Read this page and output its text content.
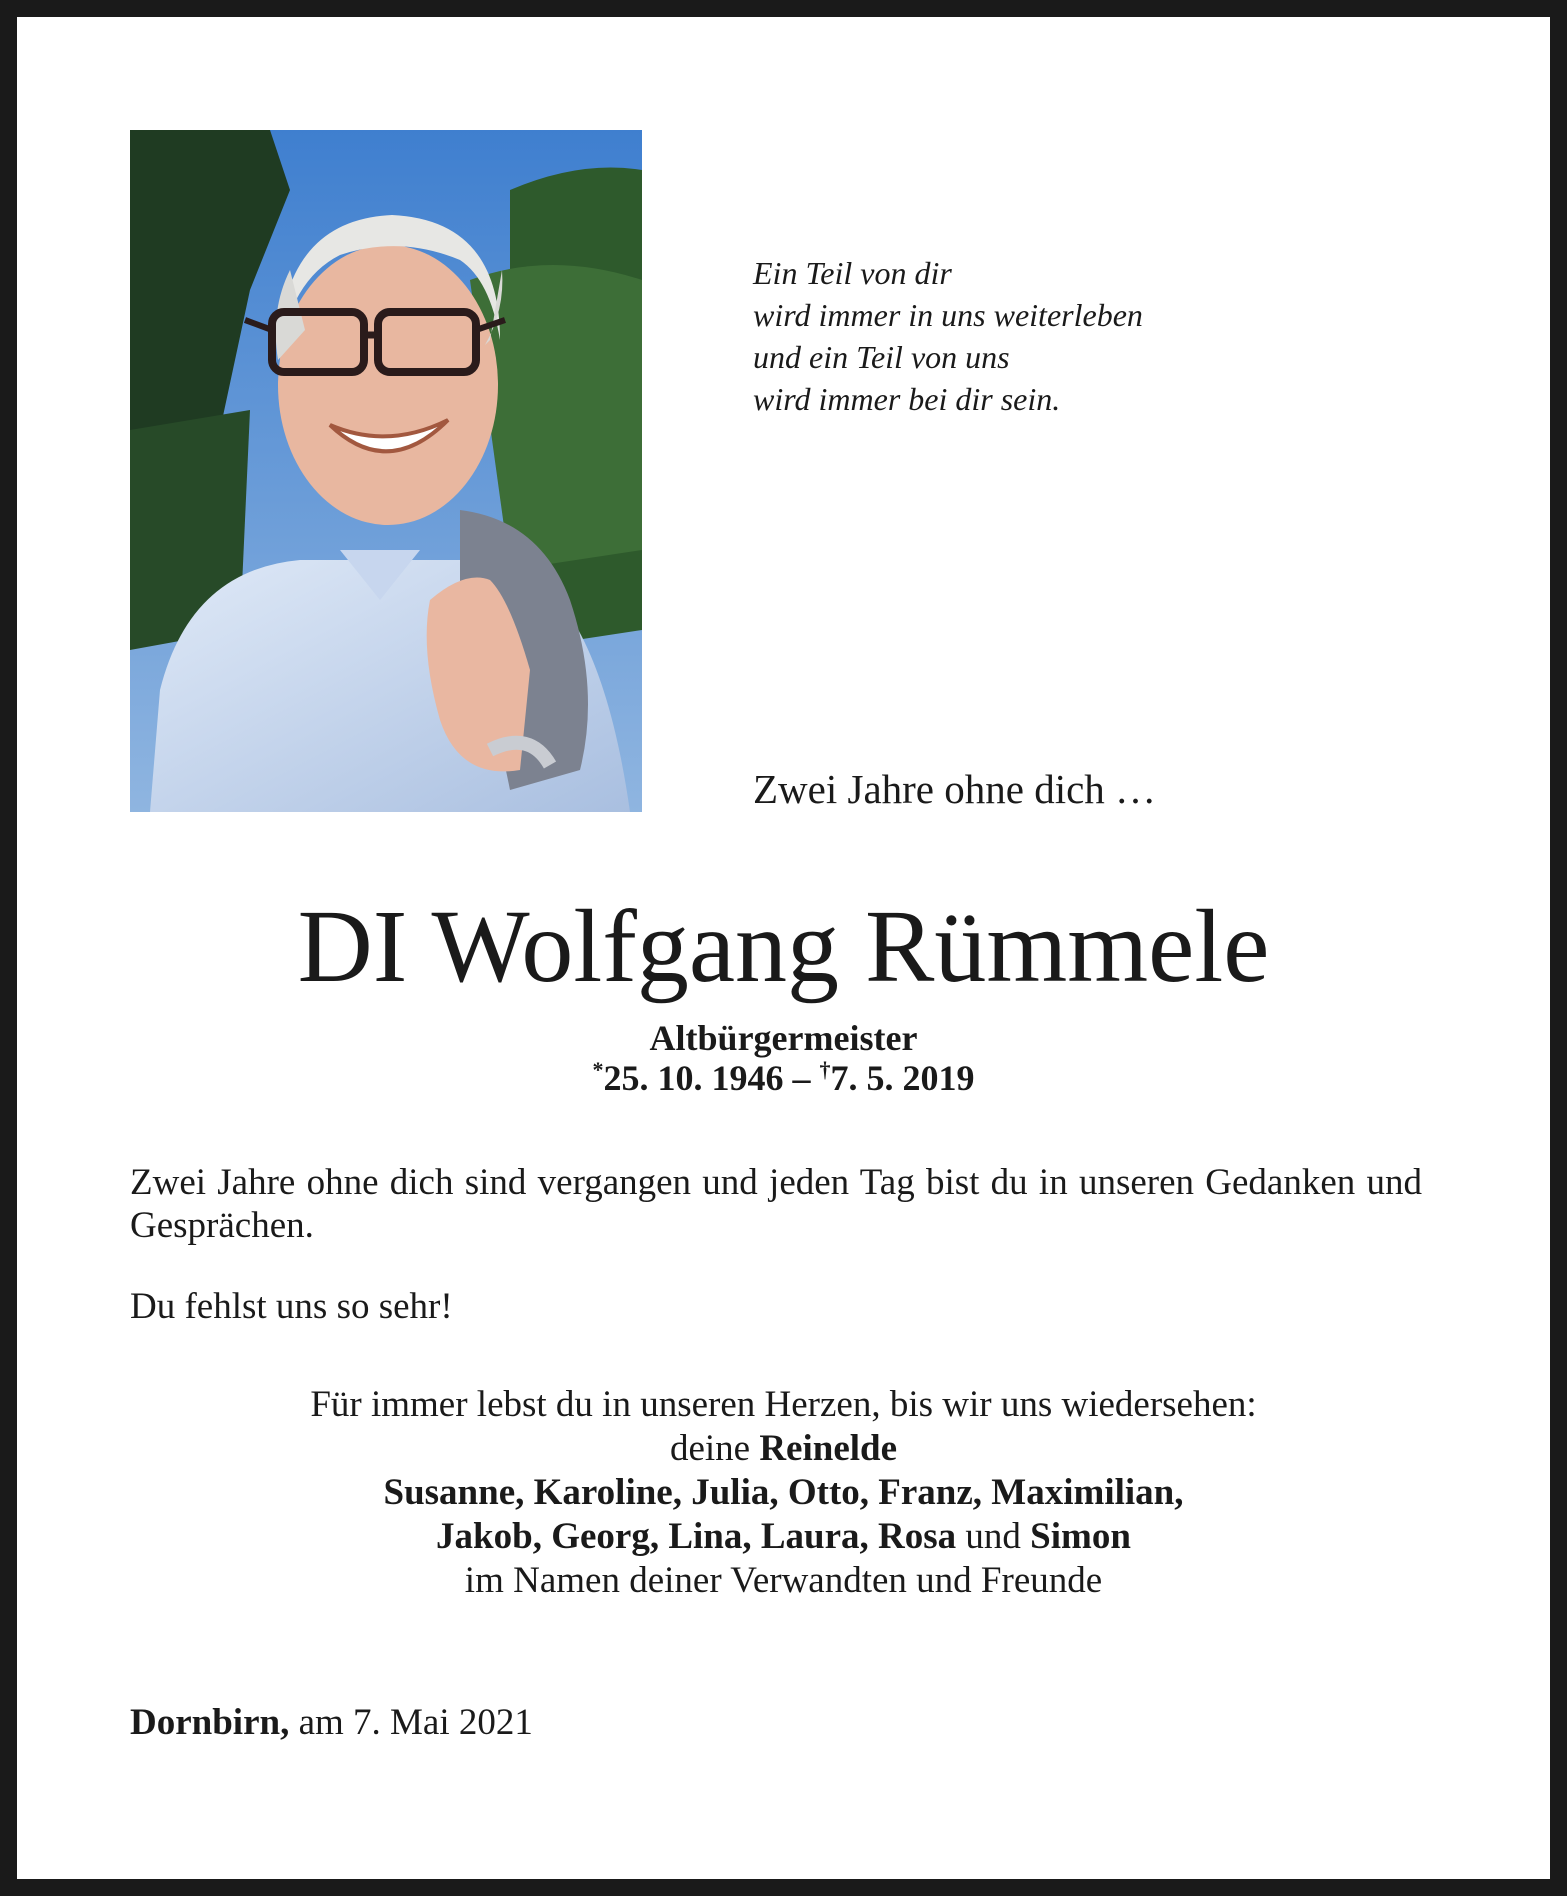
Ein Teil von dir
wird immer in uns weiterleben
und ein Teil von uns
wird immer bei dir sein.
Zwei Jahre ohne dich …
DI Wolfgang Rümmele
Altbürgermeister
*25. 10. 1946 – †7. 5. 2019

Zwei Jahre ohne dich sind vergangen und jeden Tag bist du in unseren Gedanken und Gesprächen.

Du fehlst uns so sehr!
Für immer lebst du in unseren Herzen, bis wir uns wiedersehen:
deine Reinelde
Susanne, Karoline, Julia, Otto, Franz, Maximilian,
Jakob, Georg, Lina, Laura, Rosa und Simon
im Namen deiner Verwandten und Freunde
Dornbirn, am 7. Mai 2021
